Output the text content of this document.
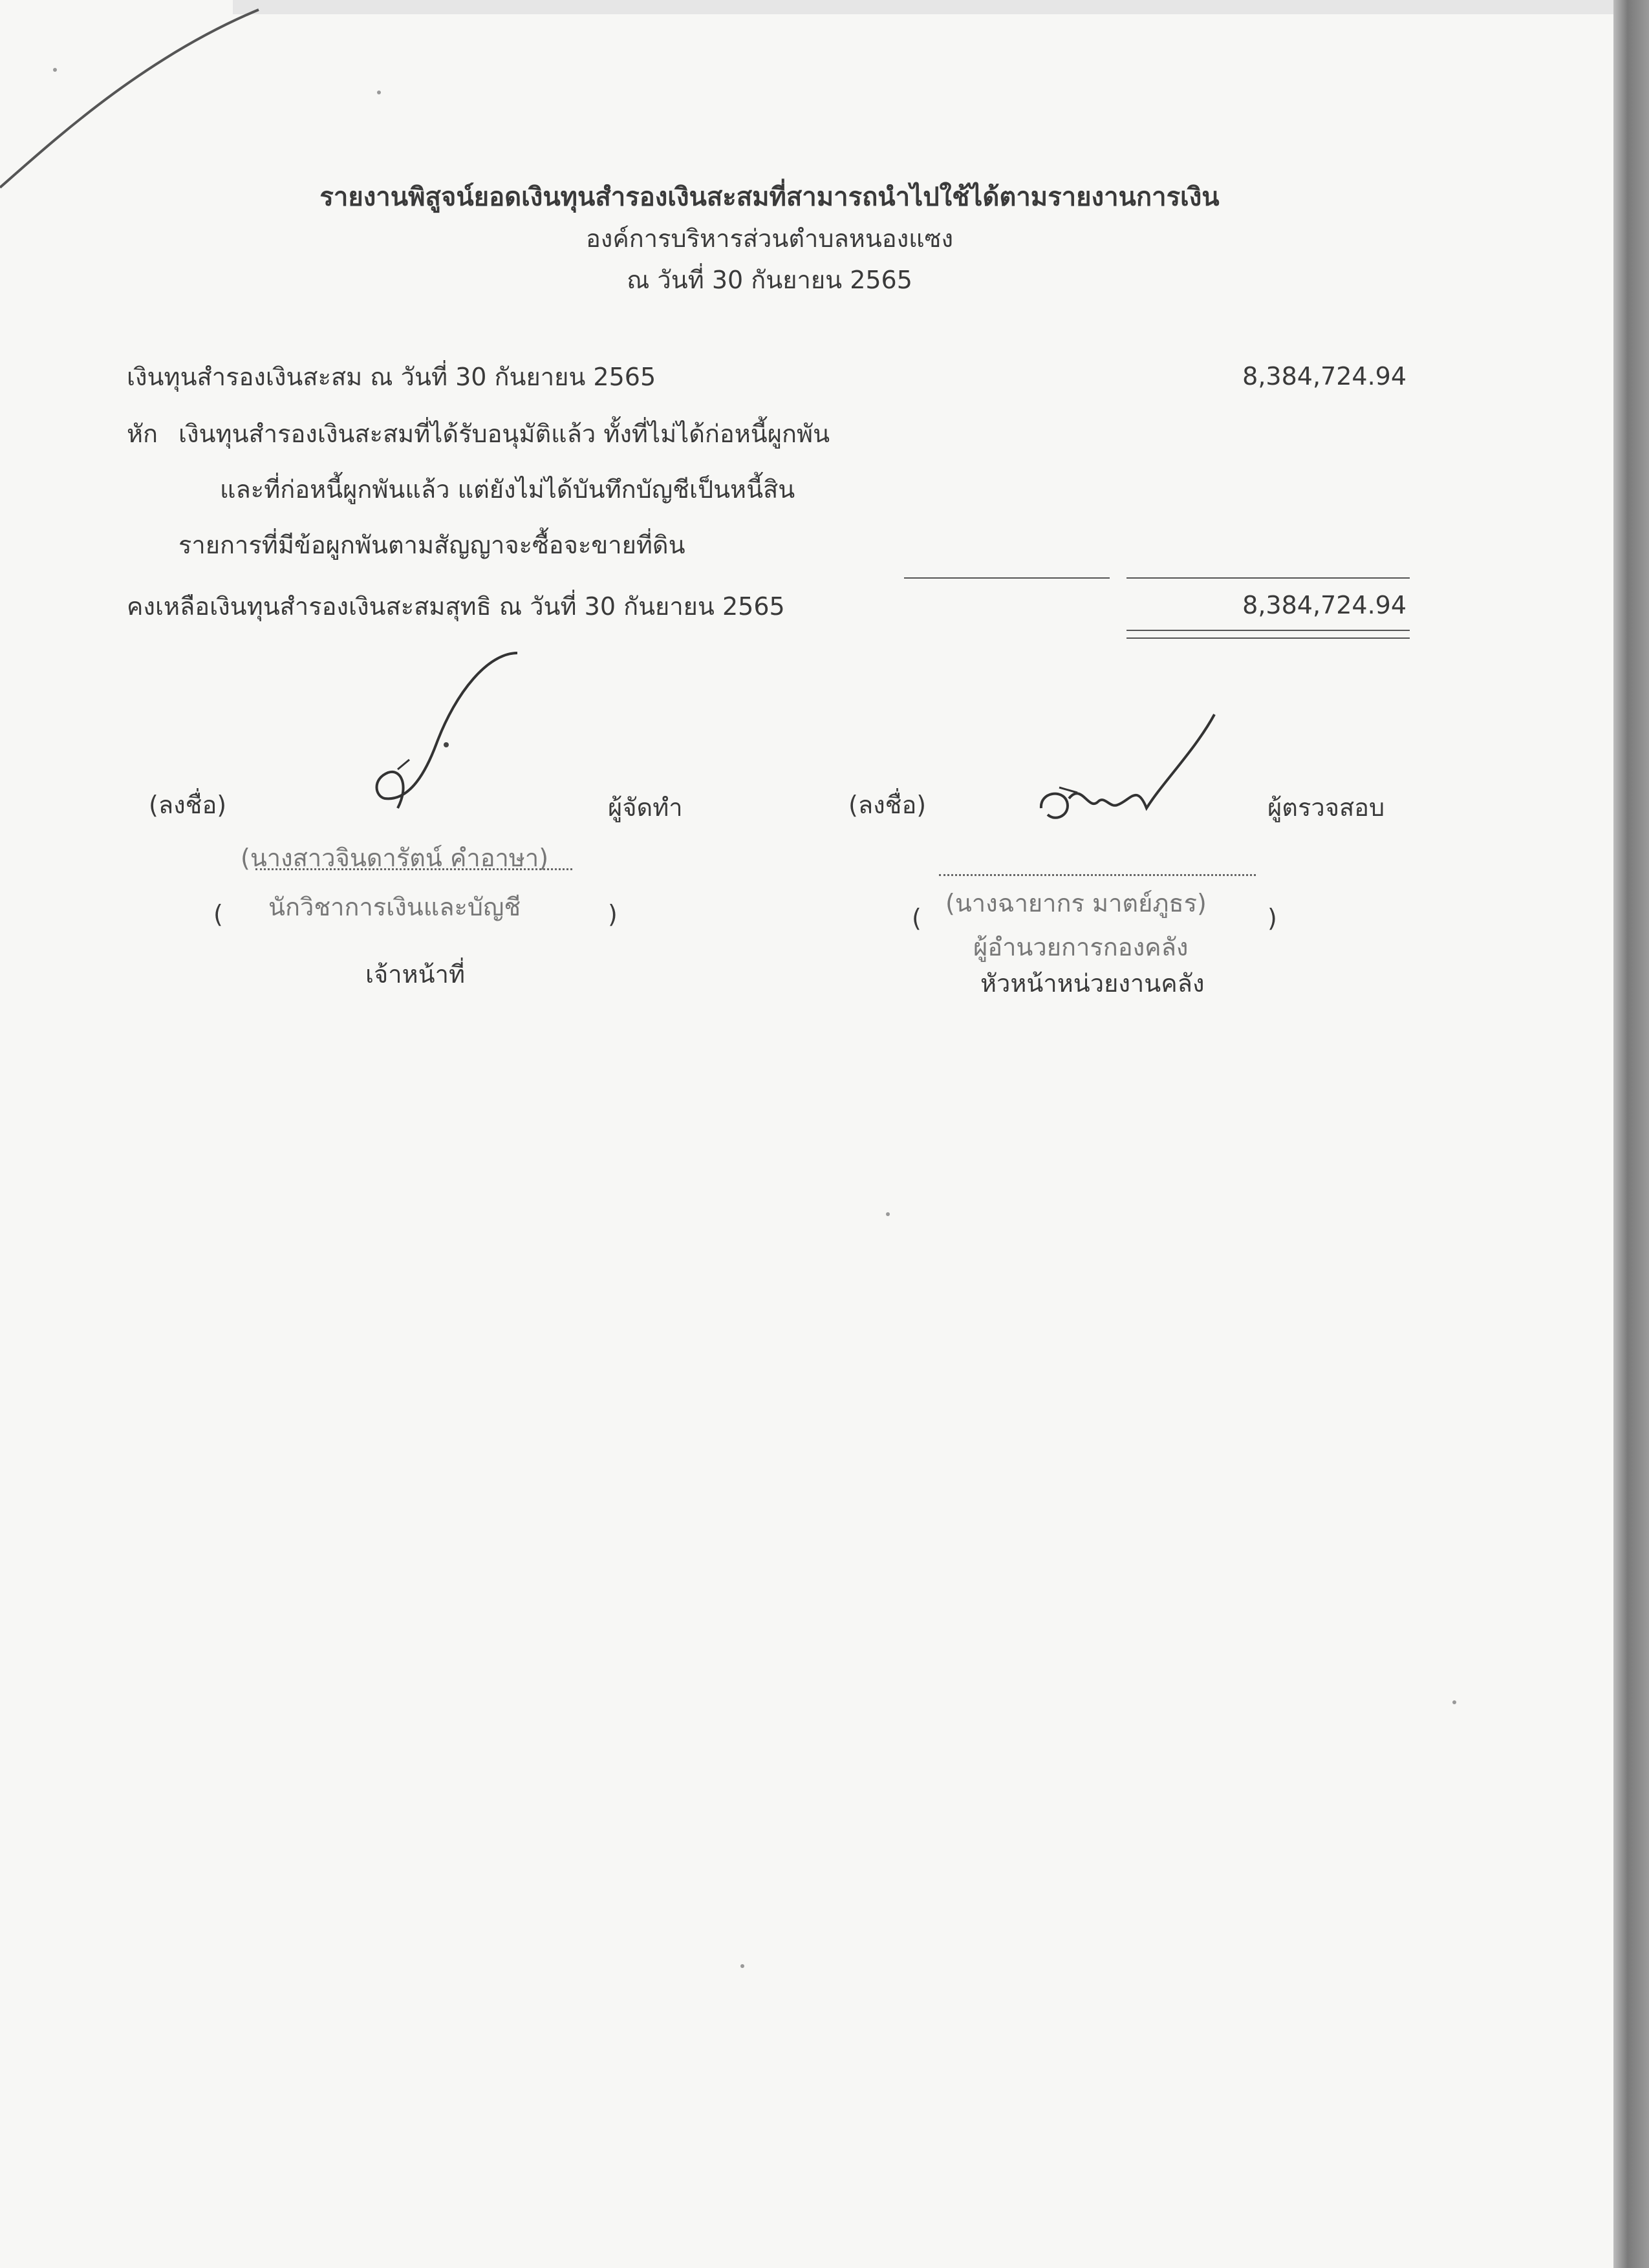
รายงานพิสูจน์ยอดเงินทุนสำรองเงินสะสมที่สามารถนำไปใช้ได้ตามรายงานการเงิน
องค์การบริหารส่วนตำบลหนองแซง
ณ วันที่ 30 กันยายน 2565
เงินทุนสำรองเงินสะสม ณ วันที่ 30 กันยายน 2565	8,384,724.94
หัก เงินทุนสำรองเงินสะสมที่ได้รับอนุมัติแล้ว ทั้งที่ไม่ได้ก่อหนี้ผูกพัน
และที่ก่อหนี้ผูกพันแล้ว แต่ยังไม่ได้บันทึกบัญชีเป็นหนี้สิน
รายการที่มีข้อผูกพันตามสัญญาจะซื้อจะขายที่ดิน
คงเหลือเงินทุนสำรองเงินสะสมสุทธิ ณ วันที่ 30 กันยายน 2565	8,384,724.94
(ลงชื่อ)	ผู้จัดทำ
(นางสาวจินดารัตน์ คำอาษา)
( นักวิชาการเงินและบัญชี	)
เจ้าหน้าที่
(ลงชื่อ)	ผู้ตรวจสอบ
(
(นางฉายากร มาตย์ภูธร)
)
ผู้อำนวยการกองคลัง
หัวหน้าหน่วยงานคลัง
